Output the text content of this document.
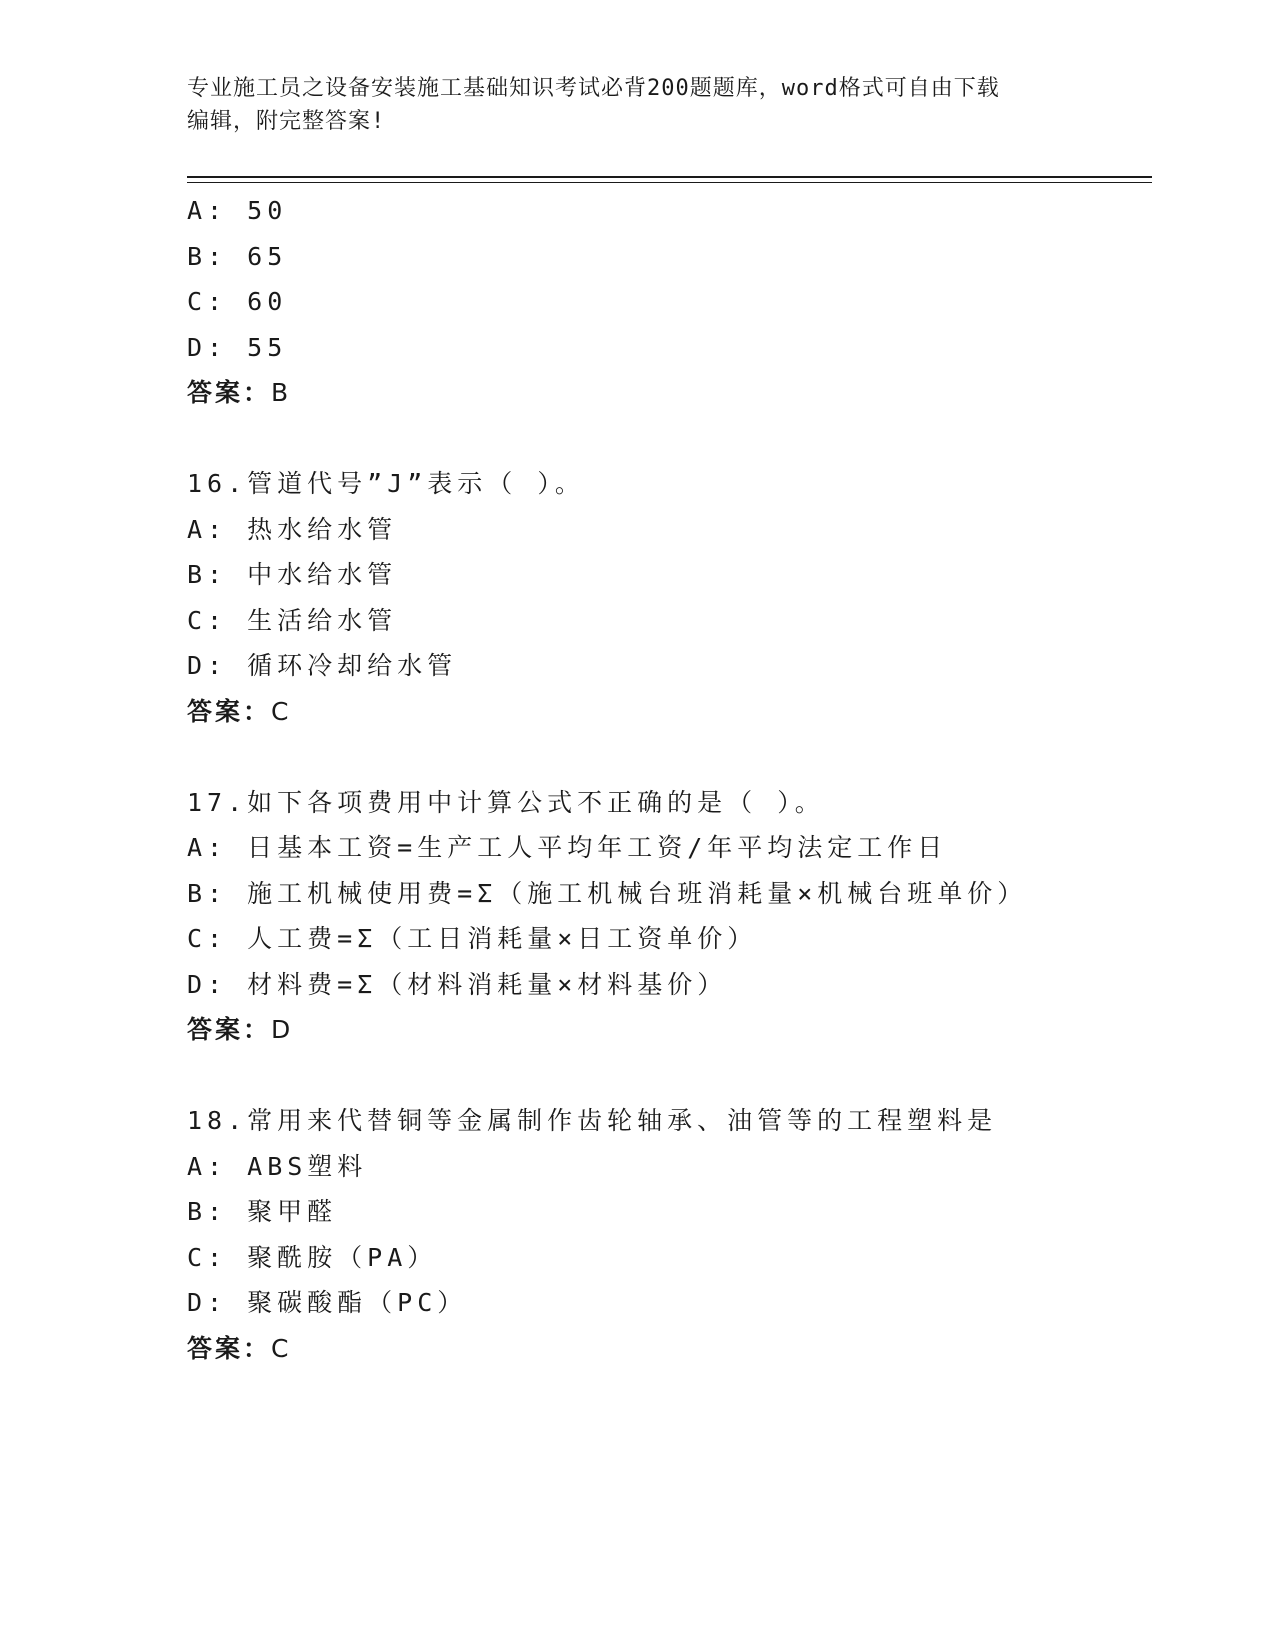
专业施工员之设备安装施工基础知识考试必背200题题库，word格式可自由下载
编辑，附完整答案!
A: 50
B: 65
C: 60
D: 55
答案：B
16.管道代号”J”表示（ ）。
A: 热水给水管
B: 中水给水管
C: 生活给水管
D: 循环冷却给水管
答案：C
17.如下各项费用中计算公式不正确的是（ ）。
A: 日基本工资=生产工人平均年工资/年平均法定工作日
B: 施工机械使用费=Σ（施工机械台班消耗量×机械台班单价）
C: 人工费=Σ（工日消耗量×日工资单价）
D: 材料费=Σ（材料消耗量×材料基价）
答案：D
18.常用来代替铜等金属制作齿轮轴承、油管等的工程塑料是
A: ABS塑料
B: 聚甲醛
C: 聚酰胺（PA）
D: 聚碳酸酯（PC）
答案：C
